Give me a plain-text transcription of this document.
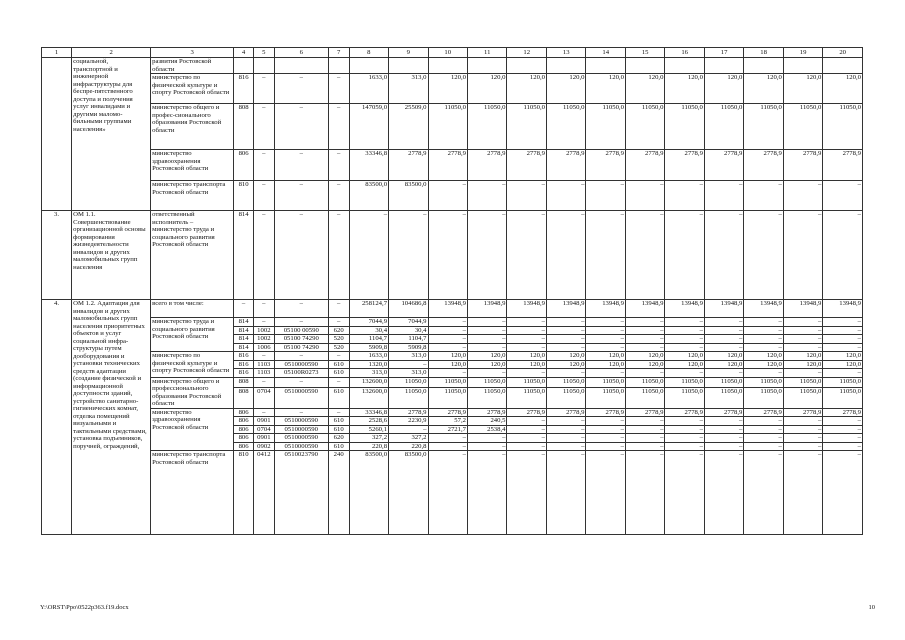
1	2	3	4	5	6	7	8	9	10	11	12	13	14	15	16	17	18	19	20
	социальной, транспортной и инженерной инфраструктуры для беспре-пятственного доступа и получения услуг инвалидами и другими маломо-бильными группами населения»	развития Ростовской области																	
		министерство по физической культуре и спорту Ростовской области	816	–	–	–	1633,0	313,0	120,0	120,0	120,0	120,0	120,0	120,0	120,0	120,0	120,0	120,0	120,0
		министерство общего и профес-сионального образования Ростовской области	808	–	–	–	147059,0	25509,0	11050,0	11050,0	11050,0	11050,0	11050,0	11050,0	11050,0	11050,0	11050,0	11050,0	11050,0
		министерство здравоохранения Ростовской области	806	–	–	–	33346,8	2778,9	2778,9	2778,9	2778,9	2778,9	2778,9	2778,9	2778,9	2778,9	2778,9	2778,9	2778,9
		министерство транспорта Ростовской области	810	–	–	–	83500,0	83500,0	–	–	–	–	–	–	–	–	–	–	–
3.	ОМ 1.1. Совершенствование организационной основы формирования жизнедеятельности инвалидов и других маломобильных групп населения	ответственный исполнитель – министерство труда и социального развития Ростовской области	814	–	–	–	–	–	–	–	–	–	–	–	–	–	–	–	–
4.	ОМ 1.2. Адаптация для инвалидов и других маломобильных групп населения приоритетных объектов и услуг социальной инфра-структуры путем дооборудования и установки технических средств адаптации (создание физической и информационной доступности зданий, устройство санитарно-гигиенических комнат, отделка помещений визуальными и тактильными средствами, установка подъемников, поручней, ограждений,	всего в том числе:	–	–	–	–	258124,7	104686,8	13948,9	13948,9	13948,9	13948,9	13948,9	13948,9	13948,9	13948,9	13948,9	13948,9	13948,9
		министерство труда и социального развития Ростовской области	814	–	–	–	7044,9	7044,9	–	–	–	–	–	–	–	–	–	–	–
			814	1002	05100 00590	620	30,4	30,4	–	–	–	–	–	–	–	–	–	–	–
			814	1002	05100 74290	520	1104,7	1104,7	–	–	–	–	–	–	–	–	–	–	–
			814	1006	05100 74290	520	5909,8	5909,8	–	–	–	–	–	–	–	–	–	–	–
		министерство по физической культуре и спорту Ростовской области	816	–	–	–	1633,0	313,0	120,0	120,0	120,0	120,0	120,0	120,0	120,0	120,0	120,0	120,0	120,0
			816	1103	0510000590	610	1320,0	–	120,0	120,0	120,0	120,0	120,0	120,0	120,0	120,0	120,0	120,0	120,0
			816	1103	05100R0273	610	313,0	313,0	–	–	–	–	–	–	–	–	–	–	–
		министерство общего и профессионального образования Ростовской области	808	–	–	–	132600,0	11050,0	11050,0	11050,0	11050,0	11050,0	11050,0	11050,0	11050,0	11050,0	11050,0	11050,0	11050,0
			808	0704	0510000590	610	132600,0	11050,0	11050,0	11050,0	11050,0	11050,0	11050,0	11050,0	11050,0	11050,0	11050,0	11050,0	11050,0
		министерство здравоохранения Ростовской области	806	–	–	–	33346,8	2778,9	2778,9	2778,9	2778,9	2778,9	2778,9	2778,9	2778,9	2778,9	2778,9	2778,9	2778,9
			806	0901	0510000590	610	2528,6	2230,9	57,2	240,5	–	–	–	–	–	–	–	–	–
			806	0704	0510000590	610	5260,1	–	2721,7	2538,4	–	–	–	–	–	–	–	–	–
			806	0901	0510000590	620	327,2	327,2	–	–	–	–	–	–	–	–	–	–	–
			806	0902	0510000590	610	220,8	220,8	–	–	–	–	–	–	–	–	–	–	–
		министерство транспорта Ростовской области	810	0412	0510023790	240	83500,0	83500,0	–	–	–	–	–	–	–	–	–	–	–
Y:\ORST\Ppo\0522p363.f19.docx	10
